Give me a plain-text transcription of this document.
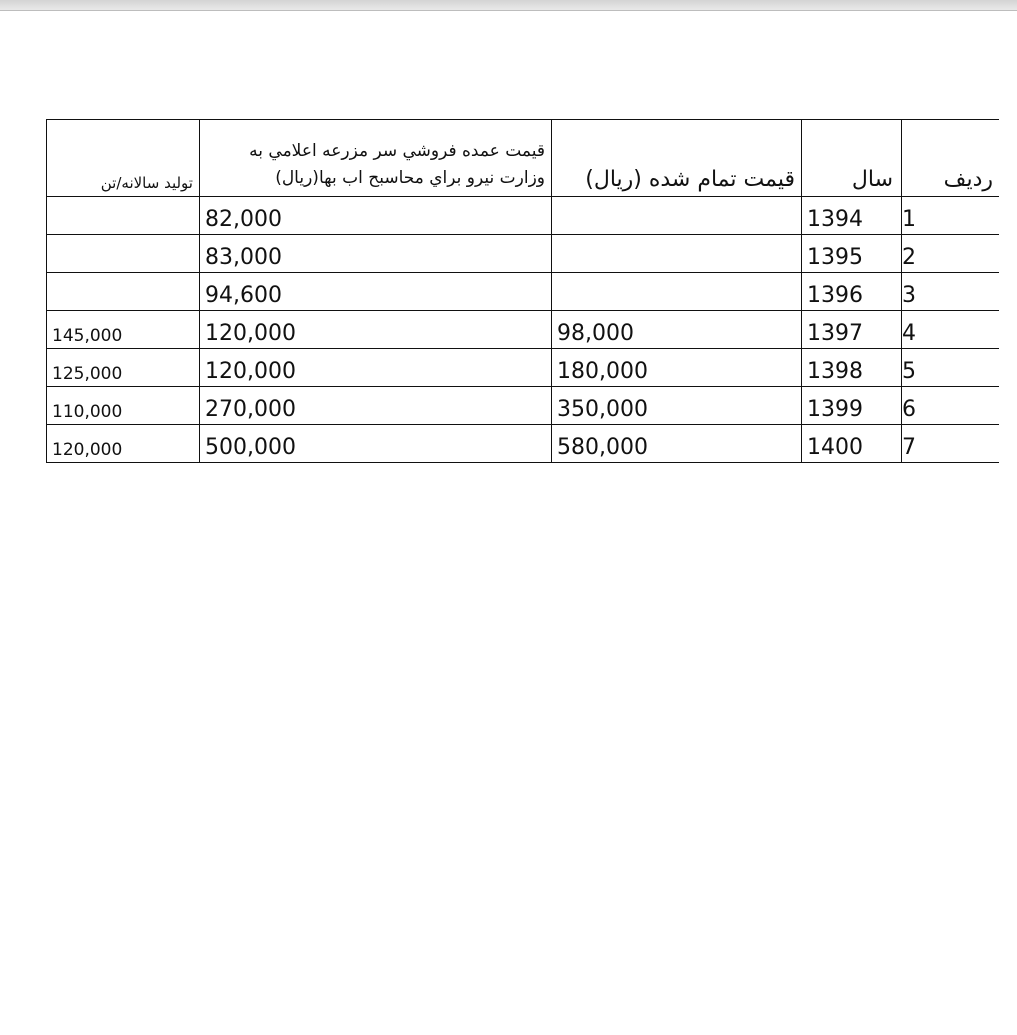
رديف	سال	قيمت تمام شده (ريال)	قيمت عمده فروشي سر مزرعه اعلامي به
وزارت نيرو براي محاسبح اب بها(ريال)	توليد سالانه/تن
1	1394		82,000	
2	1395		83,000	
3	1396		94,600	
4	1397	98,000	120,000	145,000
5	1398	180,000	120,000	125,000
6	1399	350,000	270,000	110,000
7	1400	580,000	500,000	120,000
